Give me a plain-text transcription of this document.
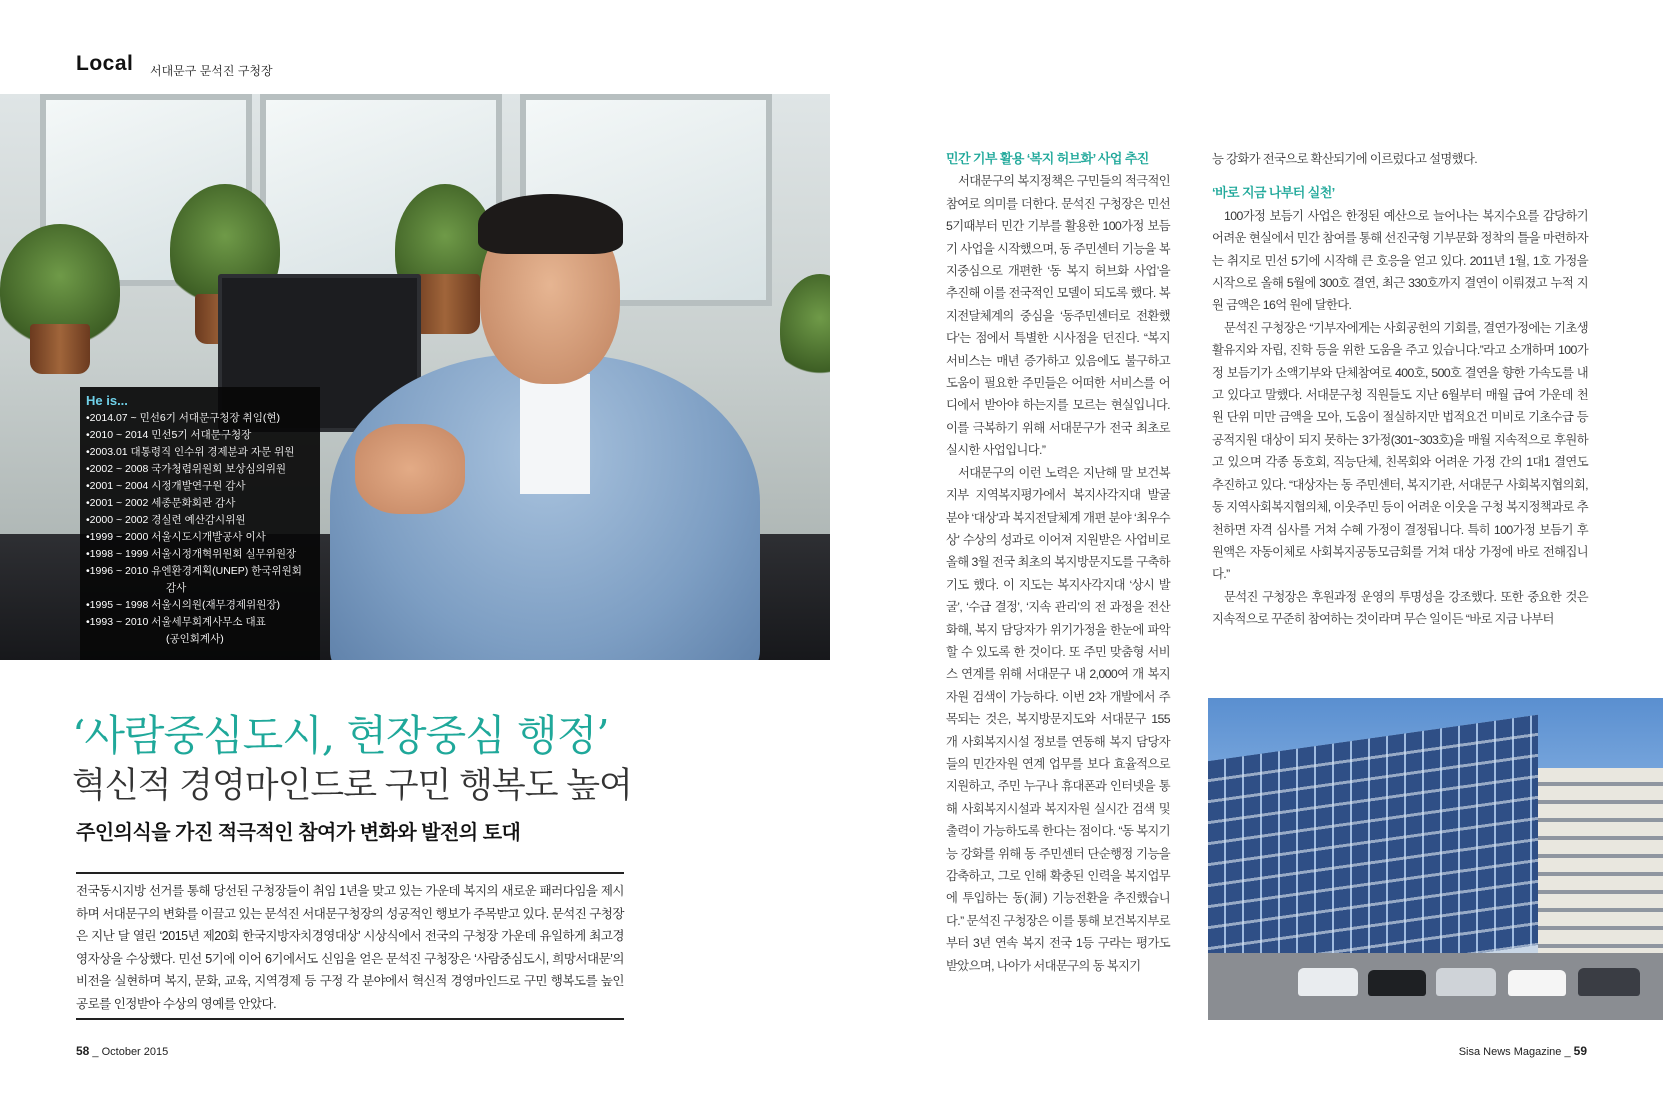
Local 서대문구 문석진 구청장
He is...
•2014.07 ~ 민선6기 서대문구청장 취임(현)
•2010 ~ 2014 민선5기 서대문구청장
•2003.01 대통령직 인수위 경제분과 자문 위원
•2002 ~ 2008 국가청렴위원회 보상심의위원
•2001 ~ 2004 시정개발연구원 감사
•2001 ~ 2002 세종문화회관 감사
•2000 ~ 2002 경실련 예산감시위원
•1999 ~ 2000 서울시도시개발공사 이사
•1998 ~ 1999 서울시정개혁위원회 실무위원장
•1996 ~ 2010 유엔환경계획(UNEP) 한국위원회
감사
•1995 ~ 1998 서울시의원(재무경제위원장)
•1993 ~ 2010 서울세무회계사무소 대표
(공인회계사)
‘사람중심도시, 현장중심 행정’
혁신적 경영마인드로 구민 행복도 높여
주인의식을 가진 적극적인 참여가 변화와 발전의 토대
전국동시지방 선거를 통해 당선된 구청장들이 취임 1년을 맞고 있는 가운데 복지의 새로운 패러다임을 제시하며 서대문구의 변화를 이끌고 있는 문석진 서대문구청장의 성공적인 행보가 주목받고 있다. 문석진 구청장은 지난 달 열린 ‘2015년 제20회 한국지방자치경영대상’ 시상식에서 전국의 구청장 가운데 유일하게 최고경영자상을 수상했다. 민선 5기에 이어 6기에서도 신임을 얻은 문석진 구청장은 ‘사람중심도시, 희망서대문’의 비전을 실현하며 복지, 문화, 교육, 지역경제 등 구정 각 분야에서 혁신적 경영마인드로 구민 행복도를 높인 공로를 인정받아 수상의 영예를 안았다.
민간 기부 활용 ‘복지 허브화’ 사업 추진

서대문구의 복지정책은 구민들의 적극적인 참여로 의미를 더한다. 문석진 구청장은 민선 5기때부터 민간 기부를 활용한 100가정 보듬기 사업을 시작했으며, 동 주민센터 기능을 복지중심으로 개편한 ‘동 복지 허브화 사업’을 추진해 이를 전국적인 모델이 되도록 했다. 복지전달체계의 중심을 ‘동주민센터로 전환했다’는 점에서 특별한 시사점을 던진다. “복지서비스는 매년 증가하고 있음에도 불구하고 도움이 필요한 주민들은 어떠한 서비스를 어디에서 받아야 하는지를 모르는 현실입니다. 이를 극복하기 위해 서대문구가 전국 최초로 실시한 사업입니다.”

서대문구의 이런 노력은 지난해 말 보건복지부 지역복지평가에서 복지사각지대 발굴 분야 ‘대상’과 복지전달체계 개편 분야 ‘최우수상’ 수상의 성과로 이어져 지원받은 사업비로 올해 3월 전국 최초의 복지방문지도를 구축하기도 했다. 이 지도는 복지사각지대 ‘상시 발굴’, ‘수급 결정’, ‘지속 관리’의 전 과정을 전산화해, 복지 담당자가 위기가정을 한눈에 파악할 수 있도록 한 것이다. 또 주민 맞춤형 서비스 연계를 위해 서대문구 내 2,000여 개 복지자원 검색이 가능하다. 이번 2차 개발에서 주목되는 것은, 복지방문지도와 서대문구 155개 사회복지시설 정보를 연동해 복지 담당자들의 민간자원 연계 업무를 보다 효율적으로 지원하고, 주민 누구나 휴대폰과 인터넷을 통해 사회복지시설과 복지자원 실시간 검색 및 출력이 가능하도록 한다는 점이다. “동 복지기능 강화를 위해 동 주민센터 단순행정 기능을 감축하고, 그로 인해 확충된 인력을 복지업무에 투입하는 동(洞) 기능전환을 추진했습니다.” 문석진 구청장은 이를 통해 보건복지부로부터 3년 연속 복지 전국 1등 구라는 평가도 받았으며, 나아가 서대문구의 동 복지기

능 강화가 전국으로 확산되기에 이르렀다고 설명했다.

‘바로 지금 나부터 실천’

100가정 보듬기 사업은 한정된 예산으로 늘어나는 복지수요를 감당하기 어려운 현실에서 민간 참여를 통해 선진국형 기부문화 정착의 틀을 마련하자는 취지로 민선 5기에 시작해 큰 호응을 얻고 있다. 2011년 1월, 1호 가정을 시작으로 올해 5월에 300호 결연, 최근 330호까지 결연이 이뤄졌고 누적 지원 금액은 16억 원에 달한다.

문석진 구청장은 “기부자에게는 사회공헌의 기회를, 결연가정에는 기초생활유지와 자립, 진학 등을 위한 도움을 주고 있습니다.”라고 소개하며 100가정 보듬기가 소액기부와 단체참여로 400호, 500호 결연을 향한 가속도를 내고 있다고 말했다. 서대문구청 직원들도 지난 6월부터 매월 급여 가운데 천 원 단위 미만 금액을 모아, 도움이 절실하지만 법적요건 미비로 기초수급 등 공적지원 대상이 되지 못하는 3가정(301~303호)을 매월 지속적으로 후원하고 있으며 각종 동호회, 직능단체, 친목회와 어려운 가정 간의 1대1 결연도 추진하고 있다. “대상자는 동 주민센터, 복지기관, 서대문구 사회복지협의회, 동 지역사회복지협의체, 이웃주민 등이 어려운 이웃을 구청 복지정책과로 추천하면 자격 심사를 거쳐 수혜 가정이 결정됩니다. 특히 100가정 보듬기 후원액은 자동이체로 사회복지공동모금회를 거쳐 대상 가정에 바로 전해집니다.”

문석진 구청장은 후원과정 운영의 투명성을 강조했다. 또한 중요한 것은 지속적으로 꾸준히 참여하는 것이라며 무슨 일이든 “바로 지금 나부터

58 _ October 2015	Sisa News Magazine _ 59
